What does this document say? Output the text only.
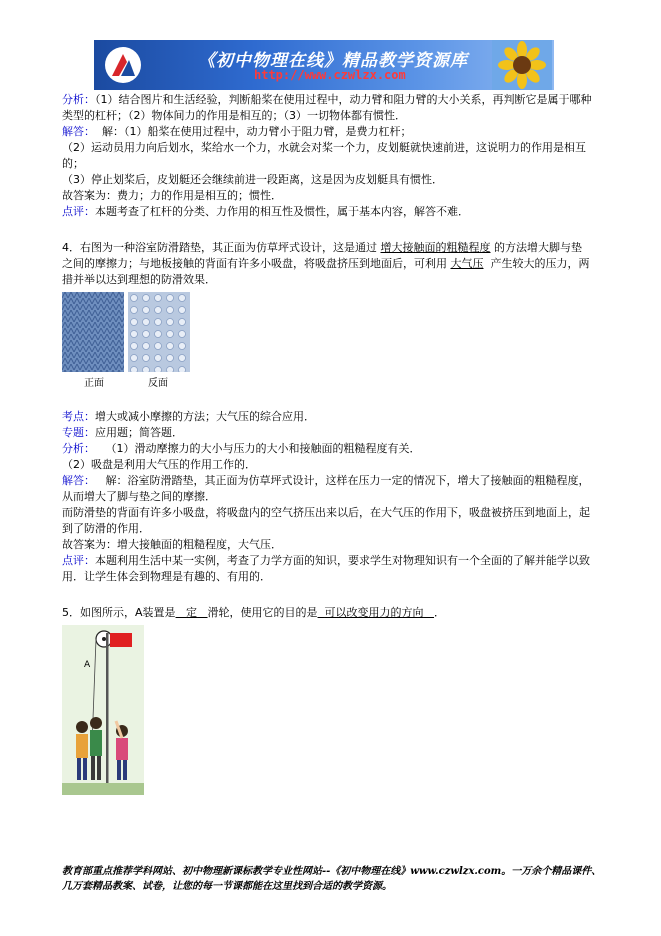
《初中物理在线》精品教学资源库
http://www.czwlzx.com

分析：（1）结合图片和生活经验，判断船桨在使用过程中，动力臂和阻力臂的大小关系，再判断它是属于哪种类型的杠杆；（2）物体间力的作用是相互的；（3）一切物体都有惯性．

解答： 解：（1）船桨在使用过程中，动力臂小于阻力臂，是费力杠杆；

（2）运动员用力向后划水，桨给水一个力，水就会对桨一个力，皮划艇就快速前进，这说明力的作用是相互的；

（3）停止划桨后，皮划艇还会继续前进一段距离，这是因为皮划艇具有惯性．

故答案为：费力；力的作用是相互的；惯性．

点评：本题考查了杠杆的分类、力作用的相互性及惯性，属于基本内容，解答不难．

4．右图为一种浴室防滑踏垫，其正面为仿草坪式设计，这是通过 增大接触面的粗糙程度 的方法增大脚与垫之间的摩擦力；与地板接触的背面有许多小吸盘，将吸盘挤压到地面后，可利用 大气压 产生较大的压力，两措并举以达到理想的防滑效果．

正面	反面

考点：增大或减小摩擦的方法；大气压的综合应用．

专题：应用题；简答题．

分析： （1）滑动摩擦力的大小与压力的大小和接触面的粗糙程度有关．

（2）吸盘是利用大气压的作用工作的．

解答： 解：浴室防滑踏垫，其正面为仿草坪式设计，这样在压力一定的情况下，增大了接触面的粗糙程度，从而增大了脚与垫之间的摩擦．

而防滑垫的背面有许多小吸盘，将吸盘内的空气挤压出来以后，在大气压的作用下，吸盘被挤压到地面上，起到了防滑的作用．

故答案为：增大接触面的粗糙程度，大气压．

点评：本题利用生活中某一实例，考查了力学方面的知识，要求学生对物理知识有一个全面的了解并能学以致用．让学生体会到物理是有趣的、有用的．

5．如图所示，A装置是 定 滑轮，使用它的目的是 可以改变用力的方向 ．

A
教育部重点推荐学科网站、初中物理新课标教学专业性网站--《初中物理在线》www.czwlzx.com。一万余个精品课件、
几万套精品教案、试卷，让您的每一节课都能在这里找到合适的教学资源。
